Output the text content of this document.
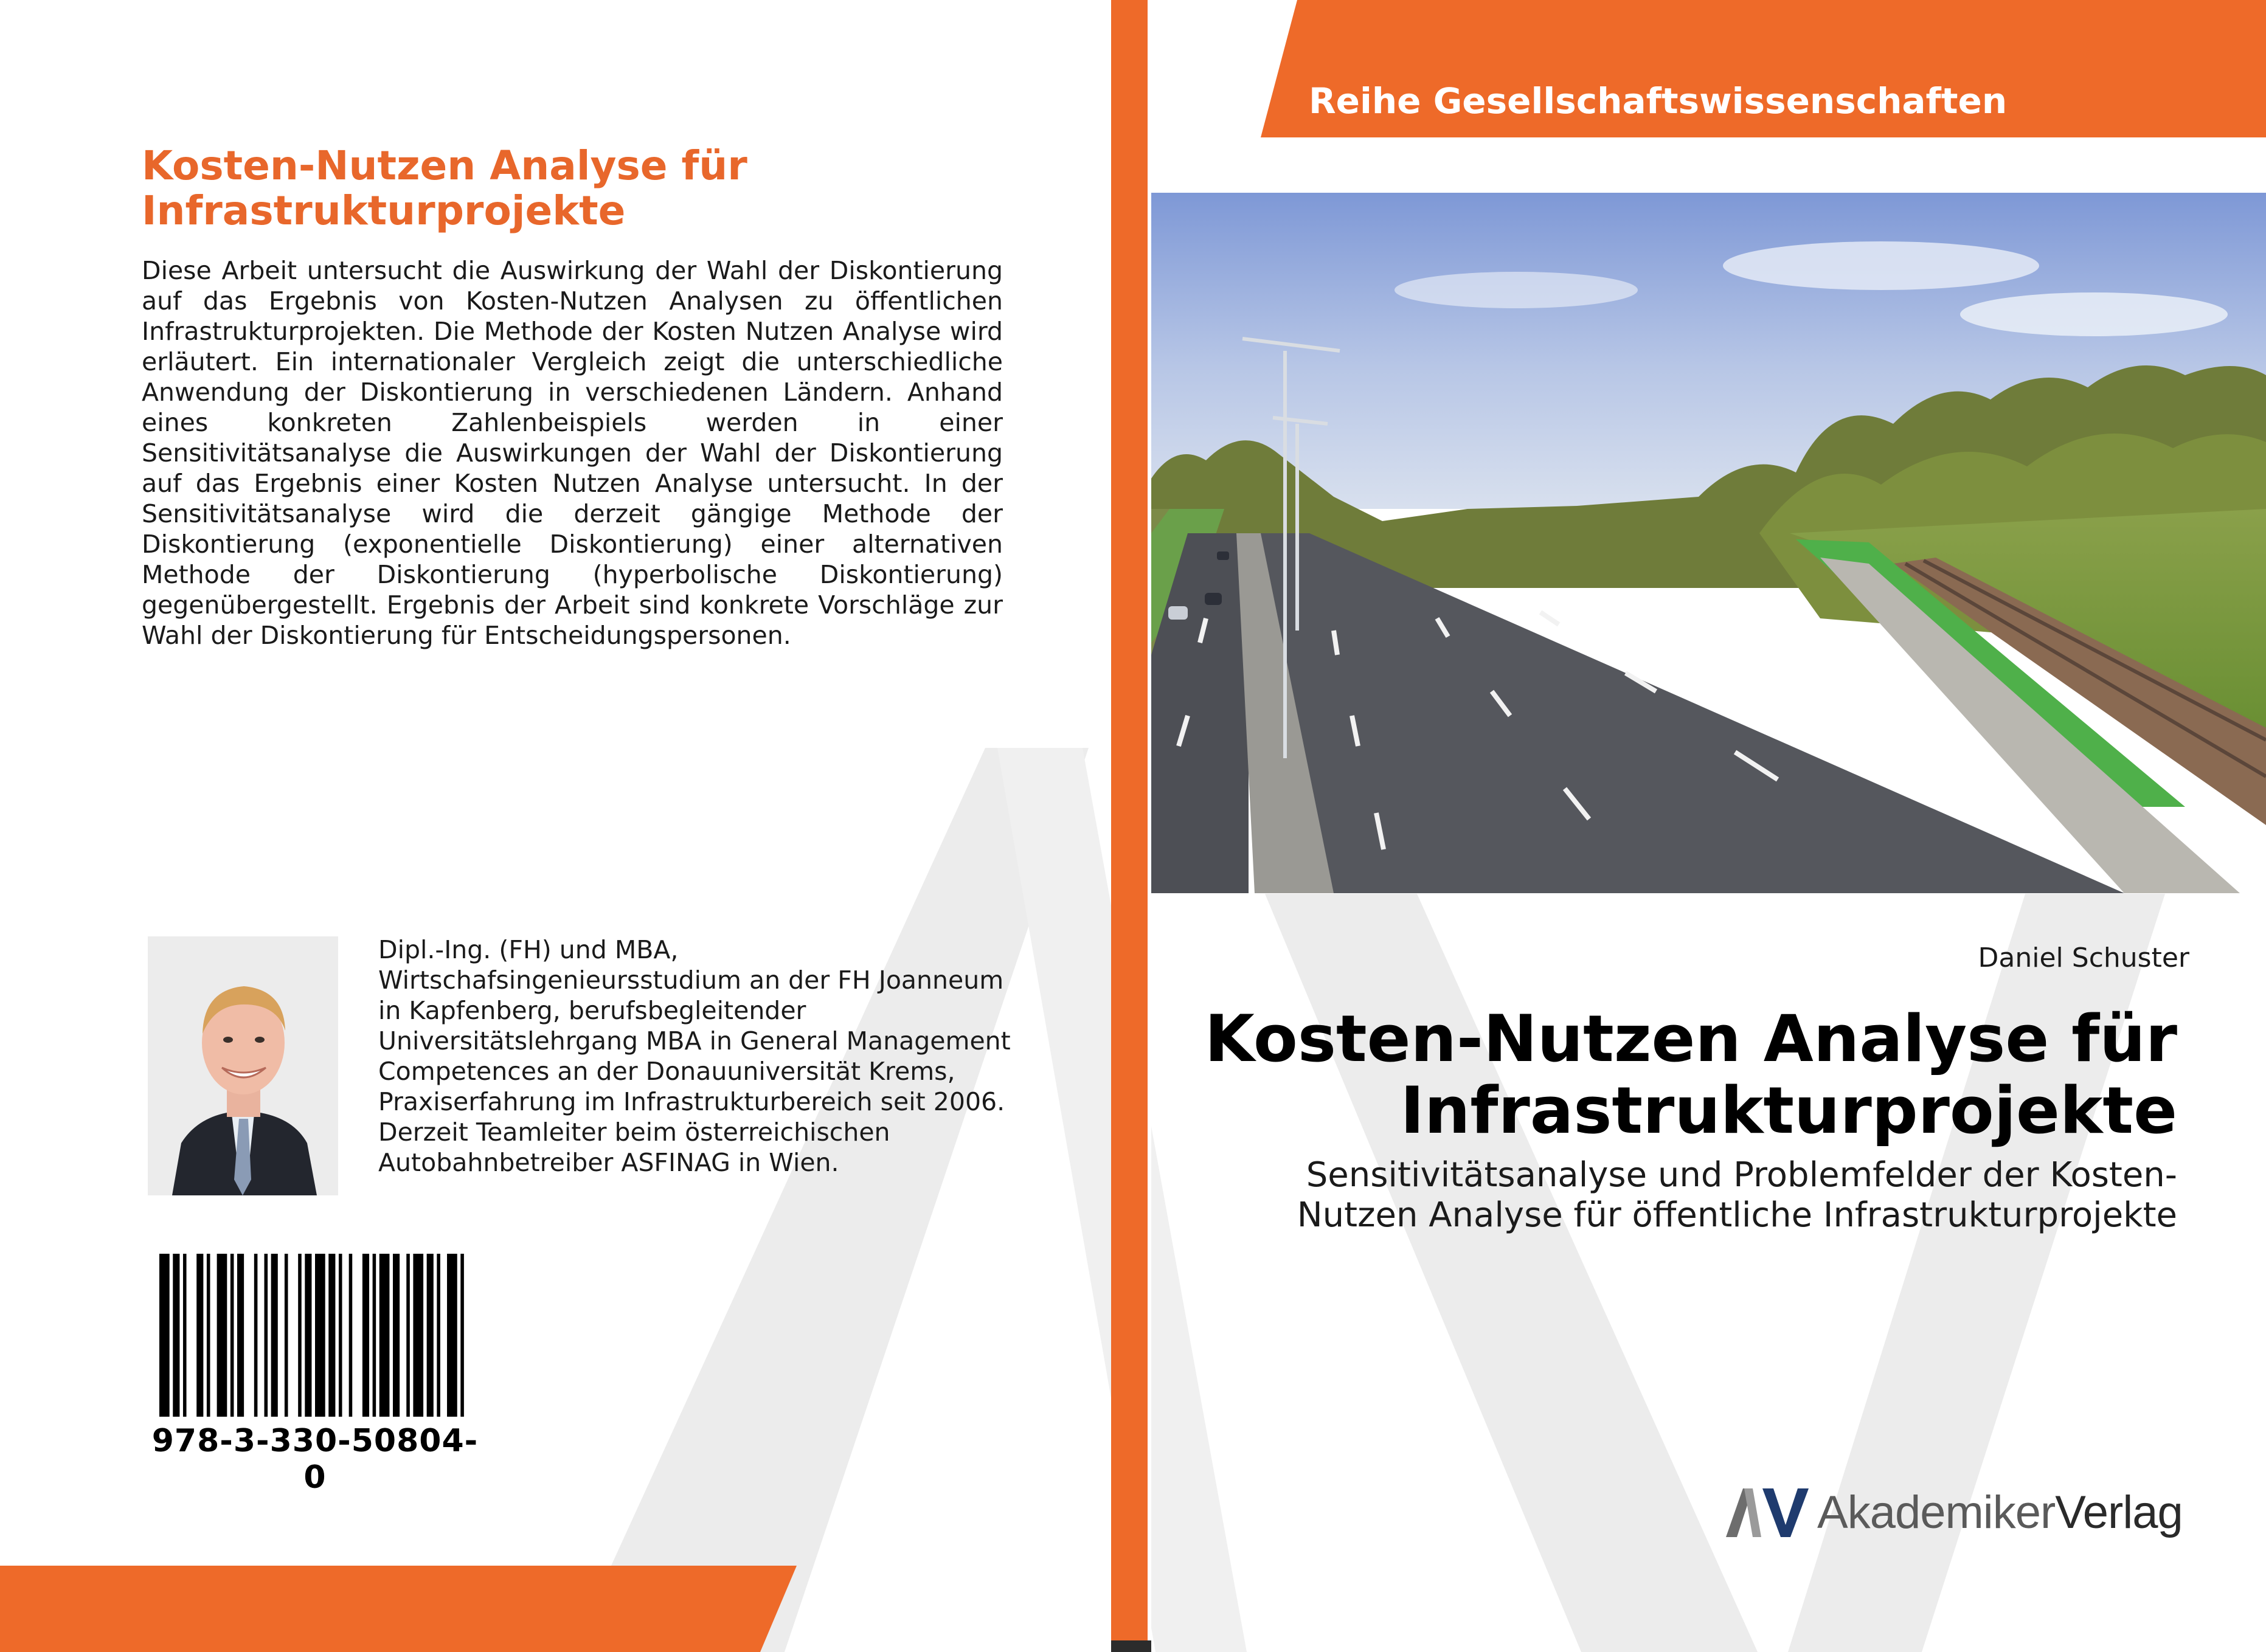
Kosten-Nutzen Analyse für Infrastrukturprojekte

Diese Arbeit untersucht die Auswirkung der Wahl der Diskontierung auf das Ergebnis von Kosten-Nutzen Analysen zu öffentlichen Infrastrukturprojekten. Die Methode der Kosten Nutzen Analyse wird erläutert. Ein internationaler Vergleich zeigt die unterschiedliche Anwendung der Diskontierung in verschiedenen Ländern. Anhand eines konkreten Zahlenbeispiels werden in einer Sensitivitätsanalyse die Auswirkungen der Wahl der Diskontierung auf das Ergebnis einer Kosten Nutzen Analyse untersucht. In der Sensitivitätsanalyse wird die derzeit gängige Methode der Diskontierung (exponentielle Diskontierung) einer alternativen Methode der Diskontierung (hyperbolische Diskontierung) gegenübergestellt. Ergebnis der Arbeit sind konkrete Vorschläge zur Wahl der Diskontierung für Entscheidungspersonen.

Dipl.-Ing. (FH) und MBA,
Wirtschafsingenieursstudium an der FH Joanneum
in Kapfenberg, berufsbegleitender
Universitätslehrgang MBA in General Management
Competences an der Donauuniversität Krems,
Praxiserfahrung im Infrastrukturbereich seit 2006.
Derzeit Teamleiter beim österreichischen
Autobahnbetreiber ASFINAG in Wien.

978-3-330-50804-0
Reihe Gesellschaftswissenschaften
Daniel Schuster
Kosten-Nutzen Analyse für Infrastrukturprojekte

Sensitivitätsanalyse und Problemfelder der Kosten-Nutzen Analyse für öffentliche Infrastrukturprojekte

AkademikerVerlag
